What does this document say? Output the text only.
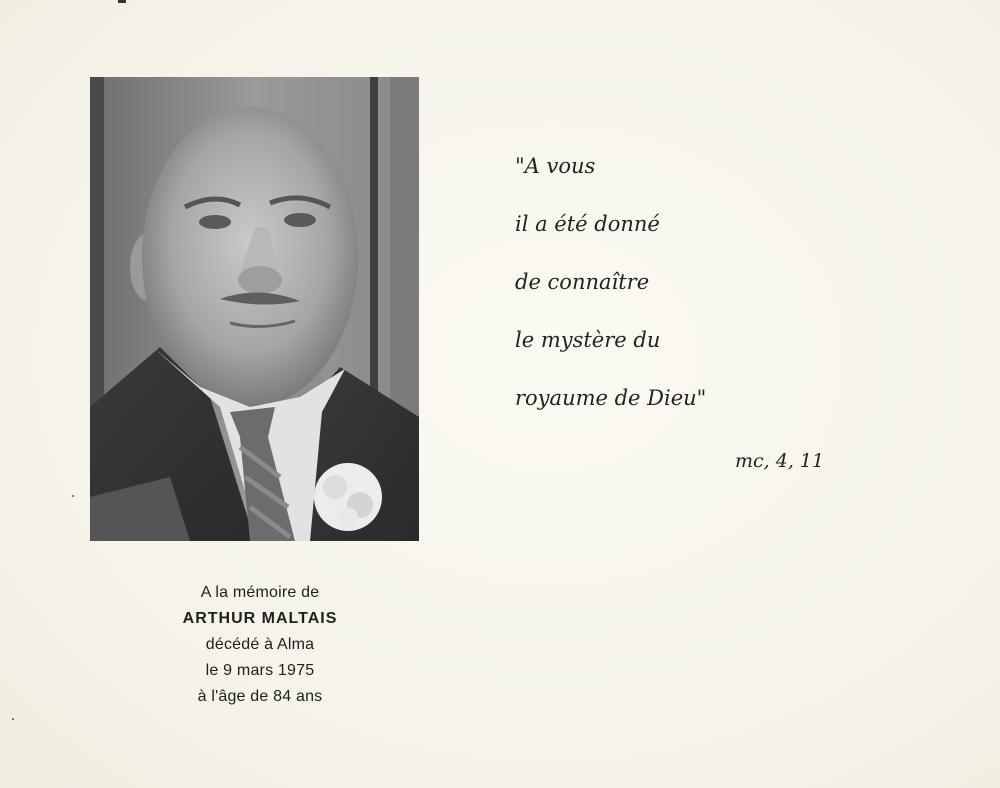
A la mémoire de
ARTHUR MALTAIS
décédé à Alma
le 9 mars 1975
à l'âge de 84 ans
"A vous
il a été donné
de connaître
le mystère du
royaume de Dieu"
mc, 4, 11
